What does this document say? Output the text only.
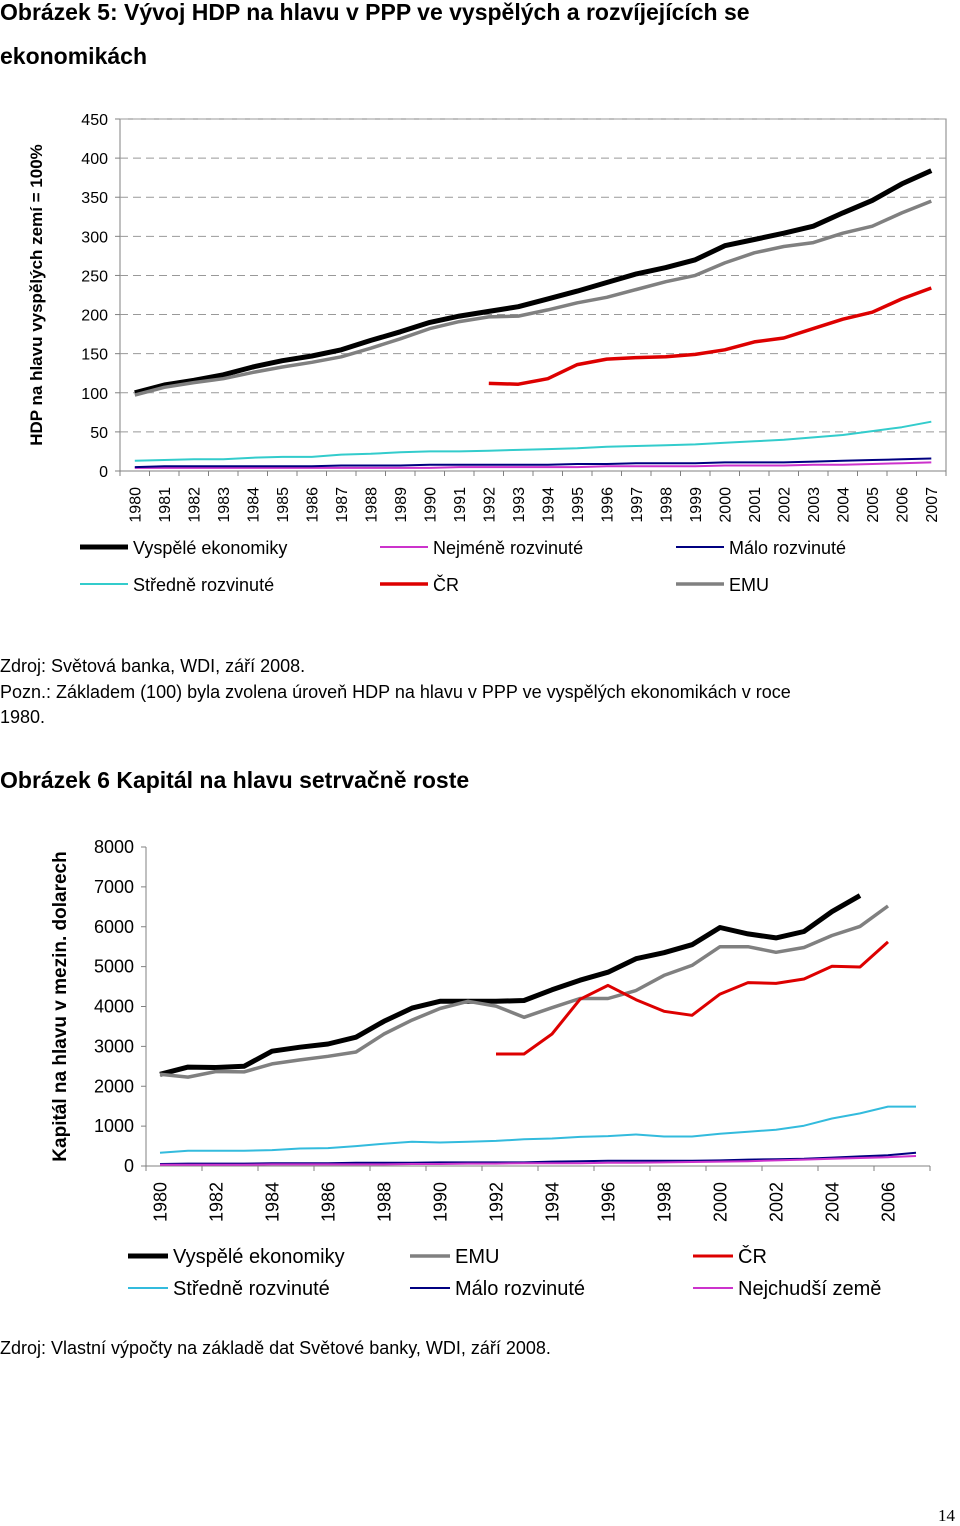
Obrázek 5: Vývoj HDP na hlavu v PPP ve vyspělých a rozvíjejících se
ekonomikách
0
50
100
150
200
250
300
350
400
450
1980 1981 1982 1983 1984 1985 1986 1987 1988 1989 1990 1991 1992 1993 1994 1995 1996 1997 1998 1999 2000 2001 2002 2003 2004 2005 2006 2007
HDP na hlavu vyspělých zemí = 100%
Vyspělé ekonomiky	Nejméně rozvinuté	Málo rozvinuté
Středně rozvinuté	ČR	EMU
Zdroj: Světová banka, WDI, září 2008.
Pozn.: Základem (100) byla zvolena úroveň HDP na hlavu v PPP ve vyspělých ekonomikách v roce
1980.
Obrázek 6 Kapitál na hlavu setrvačně roste
0
1000
2000
3000
4000
5000
6000
7000
8000
1980 1982 1984 1986 1988 1990 1992 1994 1996 1998 2000 2002 2004 2006
Kapitál na hlavu v mezin. dolarech
Vyspělé ekonomiky	EMU	ČR
Středně rozvinuté	Málo rozvinuté	Nejchudší země
Zdroj: Vlastní výpočty na základě dat Světové banky, WDI, září 2008.
14
